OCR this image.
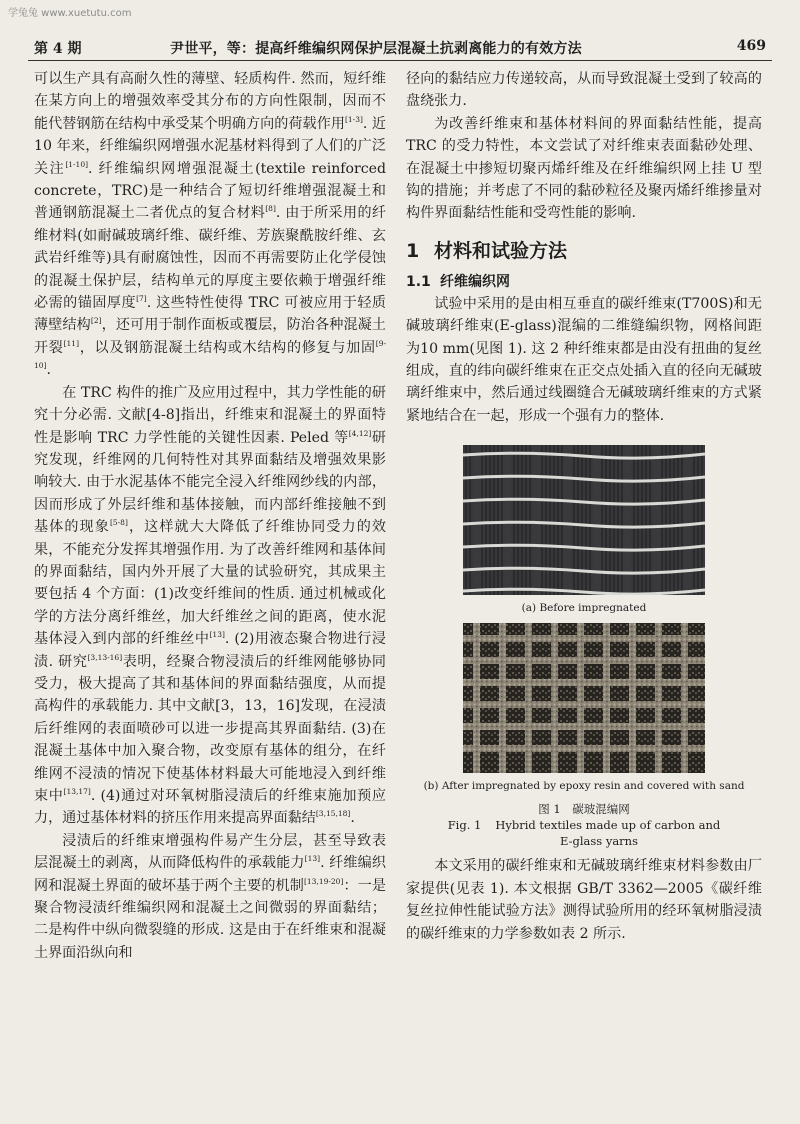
学兔兔 www.xuetutu.com
第 4 期	尹世平，等：提高纤维编织网保护层混凝土抗剥离能力的有效方法	469

可以生产具有高耐久性的薄壁、轻质构件. 然而，短纤维在某方向上的增强效率受其分布的方向性限制，因而不能代替钢筋在结构中承受某个明确方向的荷载作用[1-3]. 近 10 年来，纤维编织网增强水泥基材料得到了人们的广泛关注[1-10]. 纤维编织网增强混凝土(textile reinforced concrete，TRC)是一种结合了短切纤维增强混凝土和普通钢筋混凝土二者优点的复合材料[8]. 由于所采用的纤维材料(如耐碱玻璃纤维、碳纤维、芳族聚酰胺纤维、玄武岩纤维等)具有耐腐蚀性，因而不再需要防止化学侵蚀的混凝土保护层，结构单元的厚度主要依赖于增强纤维必需的锚固厚度[7]. 这些特性使得 TRC 可被应用于轻质薄壁结构[2]，还可用于制作面板或覆层，防治各种混凝土开裂[11]，以及钢筋混凝土结构或木结构的修复与加固[9-10].

在 TRC 构件的推广及应用过程中，其力学性能的研究十分必需. 文献[4-8]指出，纤维束和混凝土的界面特性是影响 TRC 力学性能的关键性因素. Peled 等[4,12]研究发现，纤维网的几何特性对其界面黏结及增强效果影响较大. 由于水泥基体不能完全浸入纤维网纱线的内部，因而形成了外层纤维和基体接触，而内部纤维接触不到基体的现象[5-8]，这样就大大降低了纤维协同受力的效果，不能充分发挥其增强作用. 为了改善纤维网和基体间的界面黏结，国内外开展了大量的试验研究，其成果主要包括 4 个方面：(1)改变纤维间的性质. 通过机械或化学的方法分离纤维丝，加大纤维丝之间的距离，使水泥基体浸入到内部的纤维丝中[13]. (2)用液态聚合物进行浸渍. 研究[3,13-16]表明，经聚合物浸渍后的纤维网能够协同受力，极大提高了其和基体间的界面黏结强度，从而提高构件的承载能力. 其中文献[3，13，16]发现，在浸渍后纤维网的表面喷砂可以进一步提高其界面黏结. (3)在混凝土基体中加入聚合物，改变原有基体的组分，在纤维网不浸渍的情况下使基体材料最大可能地浸入到纤维束中[13,17]. (4)通过对环氧树脂浸渍后的纤维束施加预应力，通过基体材料的挤压作用来提高界面黏结[3,15,18].

浸渍后的纤维束增强构件易产生分层，甚至导致表层混凝土的剥离，从而降低构件的承载能力[13]. 纤维编织网和混凝土界面的破坏基于两个主要的机制[13,19-20]：一是聚合物浸渍纤维编织网和混凝土之间微弱的界面黏结；二是构件中纵向微裂缝的形成. 这是由于在纤维束和混凝土界面沿纵向和

径向的黏结应力传递较高，从而导致混凝土受到了较高的盘绕张力.

为改善纤维束和基体材料间的界面黏结性能，提高 TRC 的受力特性，本文尝试了对纤维束表面黏砂处理、在混凝土中掺短切聚丙烯纤维及在纤维编织网上挂 U 型钩的措施；并考虑了不同的黏砂粒径及聚丙烯纤维掺量对构件界面黏结性能和受弯性能的影响.

1 材料和试验方法
1.1 纤维编织网

试验中采用的是由相互垂直的碳纤维束(T700S)和无碱玻璃纤维束(E-glass)混编的二维缝编织物，网格间距为10 mm(见图 1). 这 2 种纤维束都是由没有扭曲的复丝组成，直的纬向碳纤维束在正交点处插入直的径向无碱玻璃纤维束中，然后通过线圈缝合无碱玻璃纤维束的方式紧紧地结合在一起，形成一个强有力的整体.

(a) Before impregnated
(b) After impregnated by epoxy resin and covered with sand
图 1　碳玻混编网
Fig. 1 Hybrid textiles made up of carbon and
E-glass yarns

本文采用的碳纤维束和无碱玻璃纤维束材料参数由厂家提供(见表 1). 本文根据 GB/T 3362—2005《碳纤维复丝拉伸性能试验方法》测得试验所用的经环氧树脂浸渍的碳纤维束的力学参数如表 2 所示.
